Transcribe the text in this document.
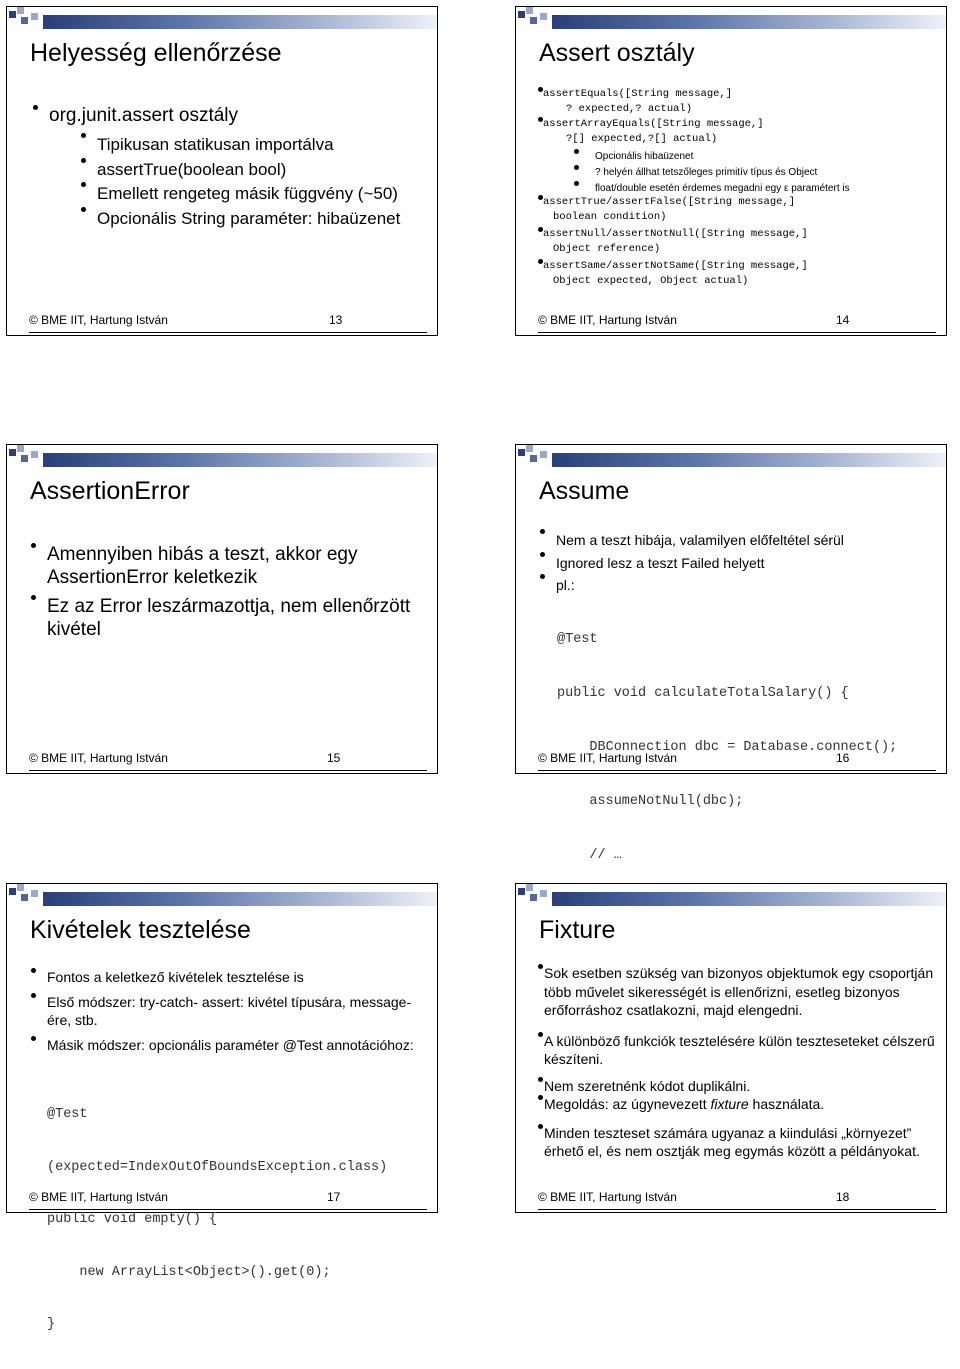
Helyesség ellenőrzése
org.junit.assert osztály
Tipikusan statikusan importálva
assertTrue(boolean bool)
Emellett rengeteg másik függvény (~50)
Opcionális String paraméter: hibaüzenet
© BME IIT, Hartung István	13
Assert osztály
assertEquals([String message,]
? expected,? actual)
assertArrayEquals([String message,]
?[] expected,?[] actual)
Opcionális hibaüzenet
? helyén állhat tetszőleges primitív típus és Object
float/double esetén érdemes megadni egy ε paramétert is
assertTrue/assertFalse([String message,]
boolean condition)
assertNull/assertNotNull([String message,]
Object reference)
assertSame/assertNotSame([String message,]
Object expected, Object actual)
© BME IIT, Hartung István	14
AssertionError
Amennyiben hibás a teszt, akkor egy AssertionError keletkezik
Ez az Error leszármazottja, nem ellenőrzött kivétel
© BME IIT, Hartung István	15
Assume
Nem a teszt hibája, valamilyen előfeltétel sérül
Ignored lesz a teszt Failed helyett
pl.:

@Test

public void calculateTotalSalary() {

DBConnection dbc = Database.connect();

assumeNotNull(dbc);

// …

© BME IIT, Hartung István	16
Kivételek tesztelése
Fontos a keletkező kivételek tesztelése is
Első módszer: try-catch- assert: kivétel típusára, message-ére, stb.
Másik módszer: opcionális paraméter @Test annotációhoz:

@Test

(expected=IndexOutOfBoundsException.class)

public void empty() {

new ArrayList<Object>().get(0);

}

© BME IIT, Hartung István	17
Fixture
Sok esetben szükség van bizonyos objektumok egy csoportján több művelet sikerességét is ellenőrizni, esetleg bizonyos erőforráshoz csatlakozni, majd elengedni.
A különböző funkciók tesztelésére külön teszteseteket célszerű készíteni.
Nem szeretnénk kódot duplikálni.
Megoldás: az úgynevezett fixture használata.
Minden teszteset számára ugyanaz a kiindulási „környezet” érhető el, és nem osztják meg egymás között a példányokat.
© BME IIT, Hartung István	18
